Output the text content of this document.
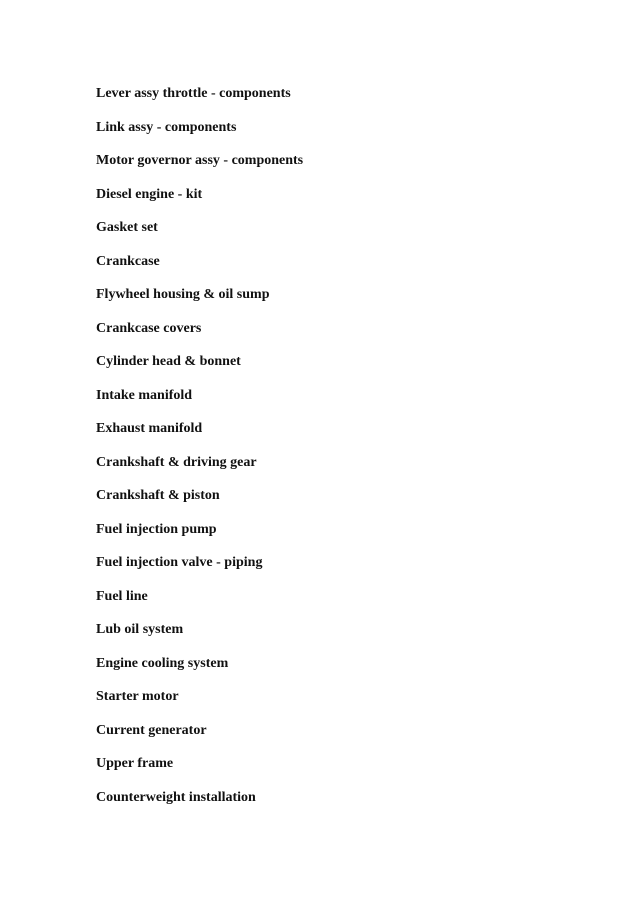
Lever assy throttle - components
Link assy - components
Motor governor assy - components
Diesel engine - kit
Gasket set
Crankcase
Flywheel housing & oil sump
Crankcase covers
Cylinder head & bonnet
Intake manifold
Exhaust manifold
Crankshaft & driving gear
Crankshaft & piston
Fuel injection pump
Fuel injection valve - piping
Fuel line
Lub oil system
Engine cooling system
Starter motor
Current generator
Upper frame
Counterweight installation
